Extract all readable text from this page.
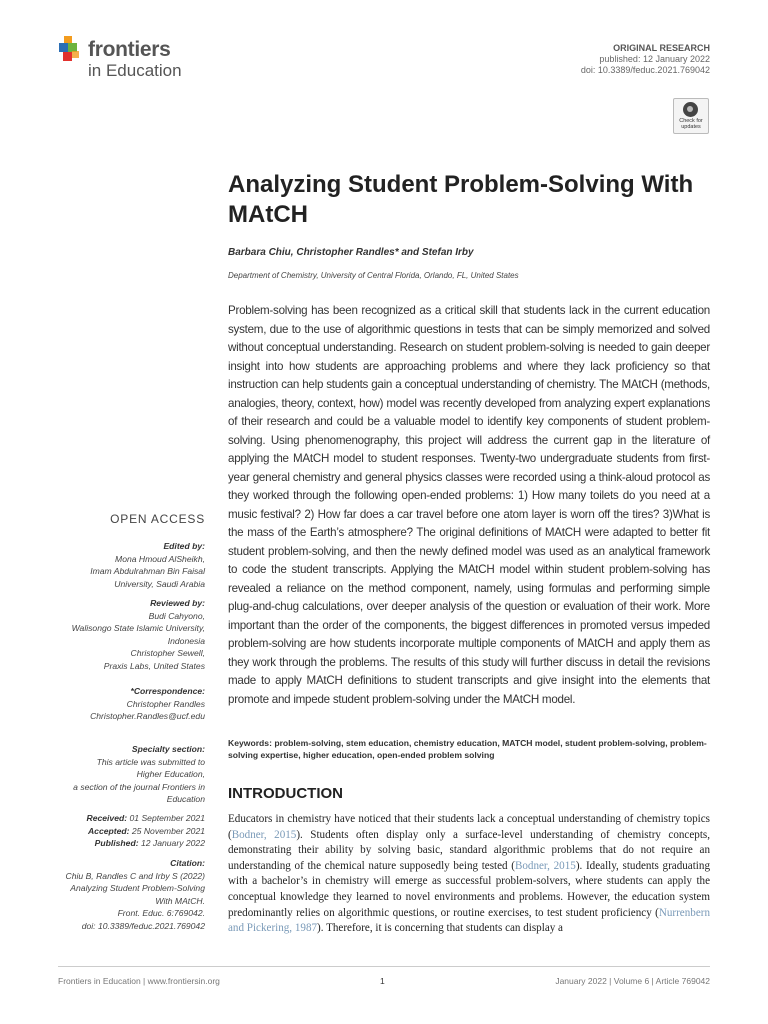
frontiers
in Education
ORIGINAL RESEARCH
published: 12 January 2022
doi: 10.3389/feduc.2021.769042
Check for updates
Analyzing Student Problem-Solving With MAtCH
Barbara Chiu, Christopher Randles* and Stefan Irby
Department of Chemistry, University of Central Florida, Orlando, FL, United States
Problem-solving has been recognized as a critical skill that students lack in the current education system, due to the use of algorithmic questions in tests that can be simply memorized and solved without conceptual understanding. Research on student problem-solving is needed to gain deeper insight into how students are approaching problems and where they lack proficiency so that instruction can help students gain a conceptual understanding of chemistry. The MAtCH (methods, analogies, theory, context, how) model was recently developed from analyzing expert explanations of their research and could be a valuable model to identify key components of student problem-solving. Using phenomenography, this project will address the current gap in the literature of applying the MAtCH model to student responses. Twenty-two undergraduate students from first-year general chemistry and general physics classes were recorded using a think-aloud protocol as they worked through the following open-ended problems: 1) How many toilets do you need at a music festival? 2) How far does a car travel before one atom layer is worn off the tires? 3)What is the mass of the Earth’s atmosphere? The original definitions of MAtCH were adapted to better fit student problem-solving, and then the newly defined model was used as an analytical framework to code the student transcripts. Applying the MAtCH model within student problem-solving has revealed a reliance on the method component, namely, using formulas and performing simple plug-and-chug calculations, over deeper analysis of the question or evaluation of their work. More important than the order of the components, the biggest differences in promoted versus impeded problem-solving are how students incorporate multiple components of MAtCH and apply them as they work through the problems. The results of this study will further discuss in detail the revisions made to apply MAtCH definitions to student transcripts and give insight into the elements that promote and impede student problem-solving under the MAtCH model.
Keywords: problem-solving, stem education, chemistry education, MATCH model, student problem-solving, problem-solving expertise, higher education, open-ended problem solving
INTRODUCTION
Educators in chemistry have noticed that their students lack a conceptual understanding of chemistry topics (Bodner, 2015). Students often display only a surface-level understanding of chemistry concepts, demonstrating their ability by solving basic, standard algorithmic problems that do not require an understanding of the chemical nature supposedly being tested (Bodner, 2015). Ideally, students graduating with a bachelor’s in chemistry will emerge as successful problem-solvers, where students can apply the conceptual knowledge they learned to novel environments and problems. However, the education system predominantly relies on algorithmic questions, or routine exercises, to test student proficiency (Nurrenbern and Pickering, 1987). Therefore, it is concerning that students can display a
OPEN ACCESS
Edited by:
Mona Hmoud AlSheikh,
Imam Abdulrahman Bin Faisal
University, Saudi Arabia
Reviewed by:
Budi Cahyono,
Walisongo State Islamic University,
Indonesia
Christopher Sewell,
Praxis Labs, United States
*Correspondence:
Christopher Randles
Christopher.Randles@ucf.edu
Specialty section:
This article was submitted to
Higher Education,
a section of the journal Frontiers in
Education
Received: 01 September 2021
Accepted: 25 November 2021
Published: 12 January 2022
Citation:
Chiu B, Randles C and Irby S (2022)
Analyzing Student Problem-Solving
With MAtCH.
Front. Educ. 6:769042.
doi: 10.3389/feduc.2021.769042
Frontiers in Education | www.frontiersin.org	1	January 2022 | Volume 6 | Article 769042
